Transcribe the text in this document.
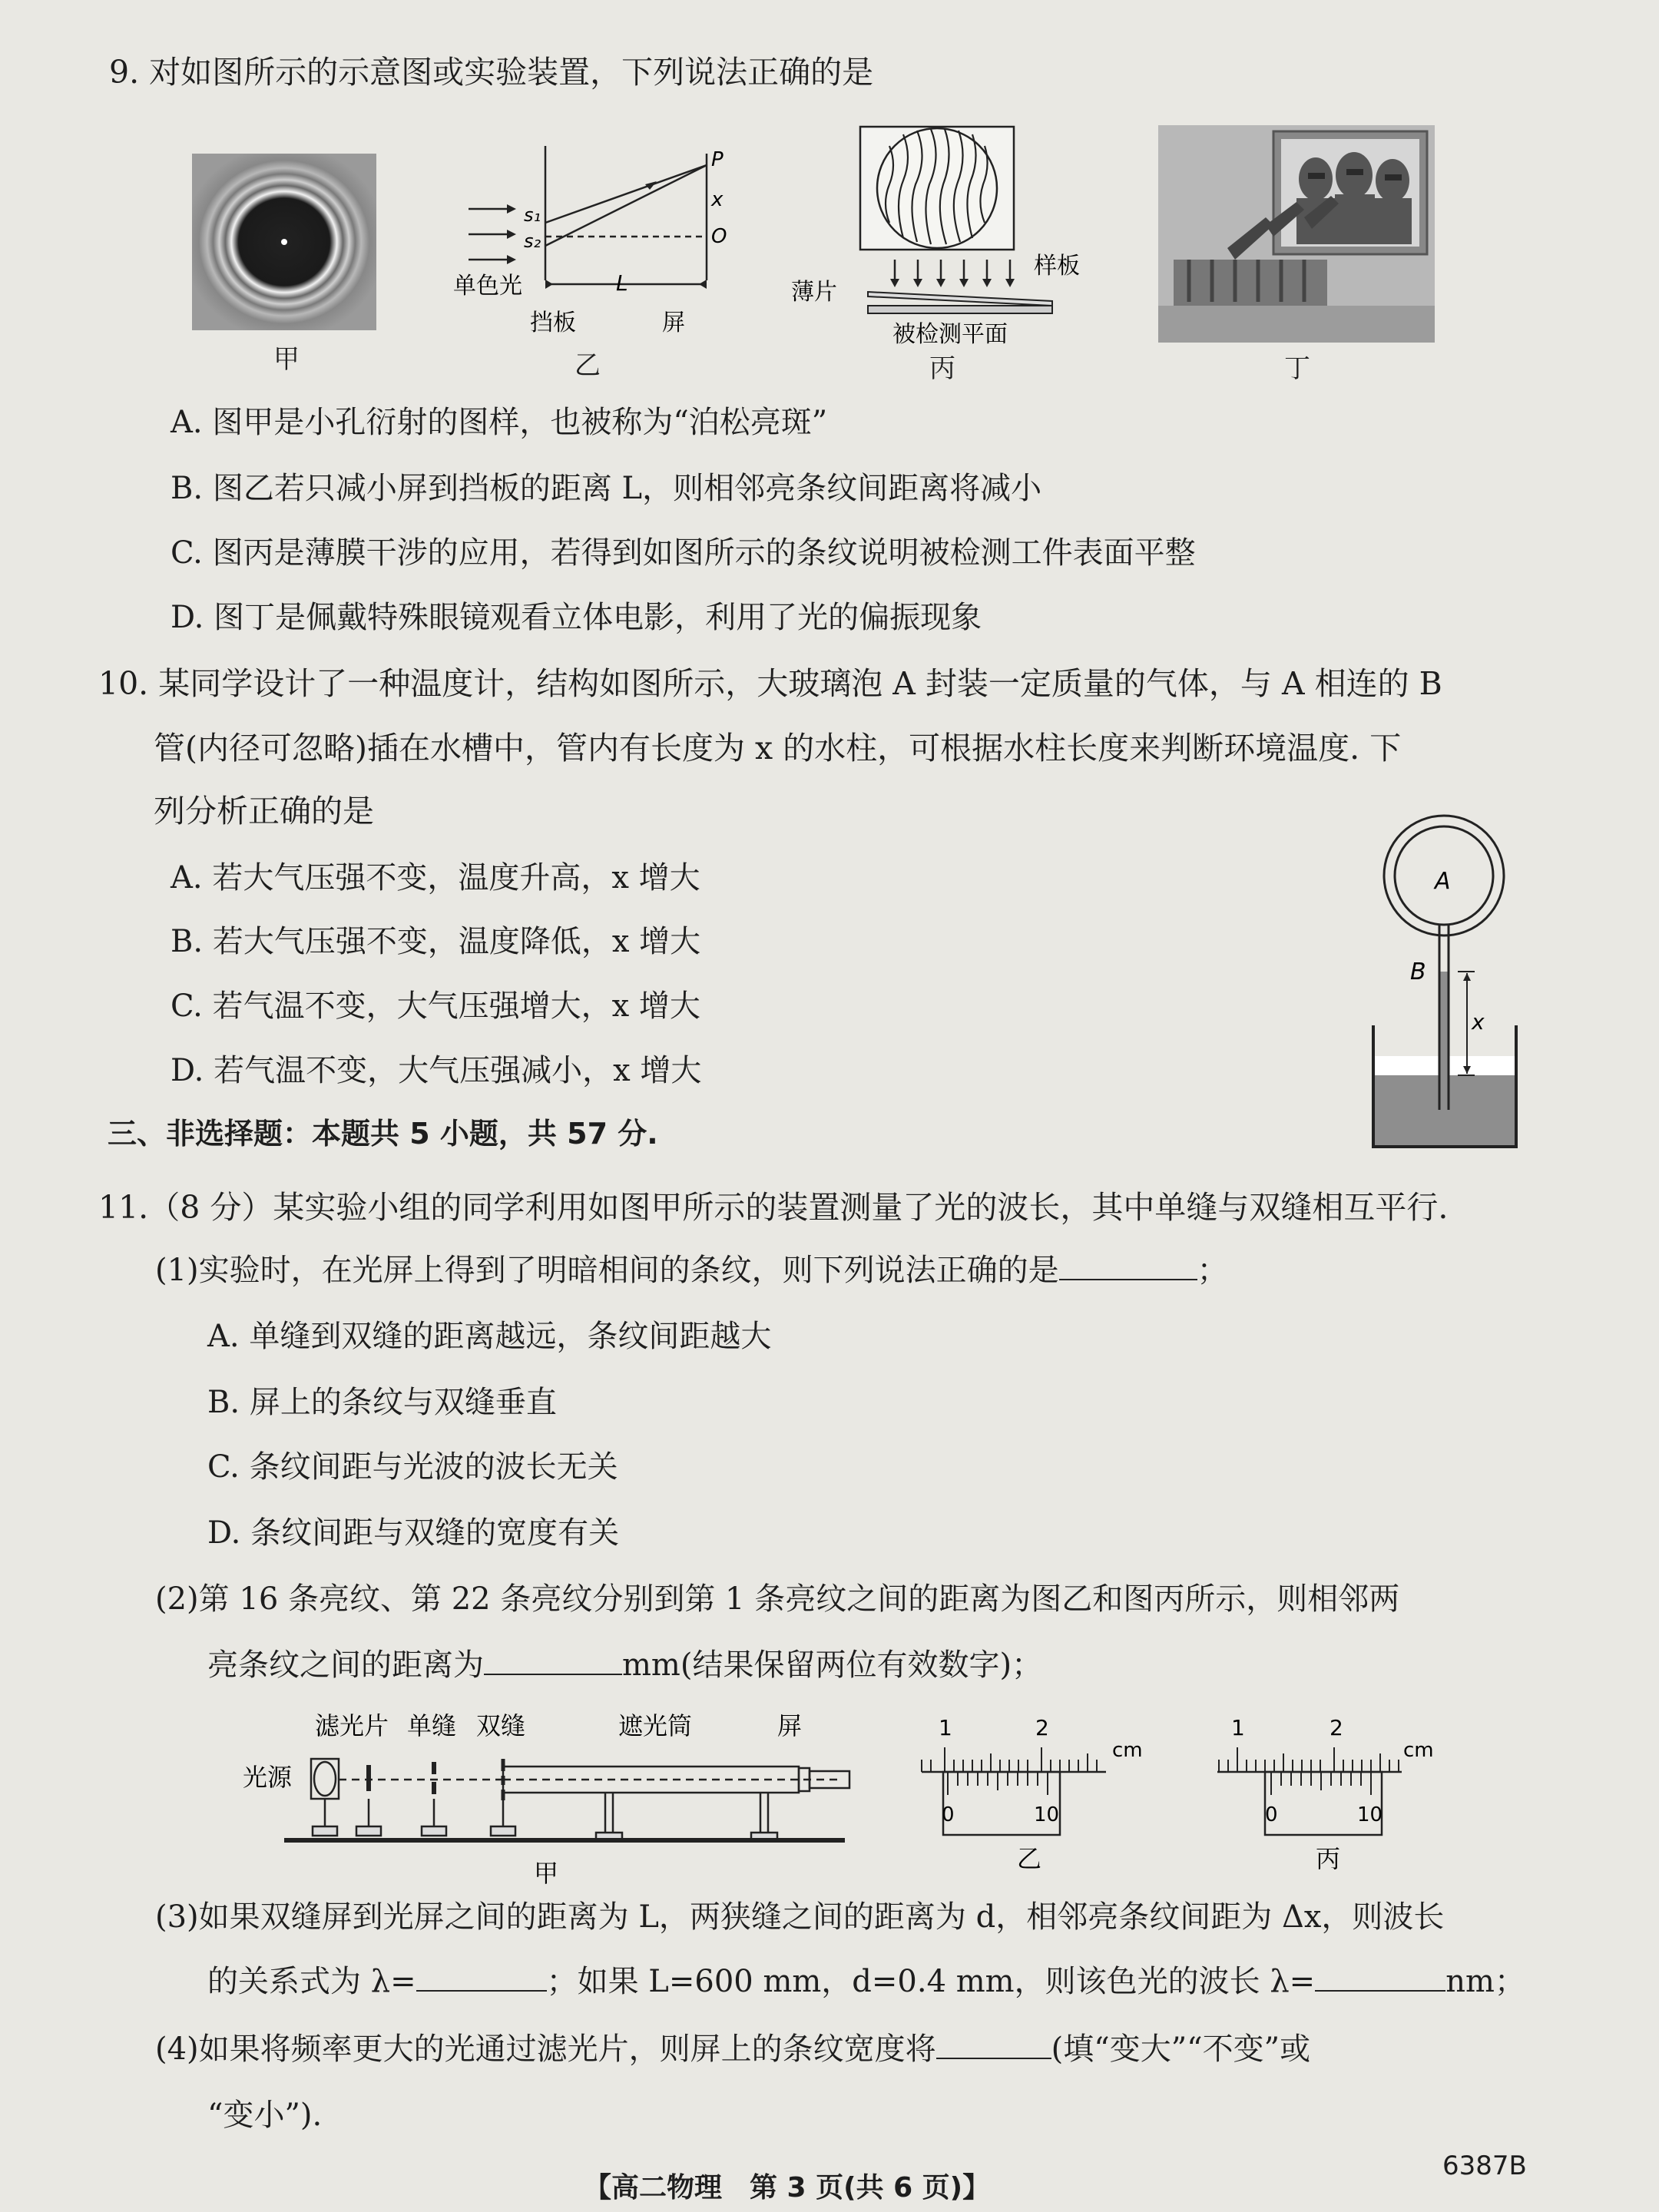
9. 对如图所示的示意图或实验装置，下列说法正确的是
甲
s₁
s₂
P
x
O
L
单色光
挡板	屏
乙
薄片
样板
被检测平面
丙	丁
A. 图甲是小孔衍射的图样，也被称为“泊松亮斑”
B. 图乙若只减小屏到挡板的距离 L，则相邻亮条纹间距离将减小
C. 图丙是薄膜干涉的应用，若得到如图所示的条纹说明被检测工件表面平整
D. 图丁是佩戴特殊眼镜观看立体电影，利用了光的偏振现象
10. 某同学设计了一种温度计，结构如图所示，大玻璃泡 A 封装一定质量的气体，与 A 相连的 B
管(内径可忽略)插在水槽中，管内有长度为 x 的水柱，可根据水柱长度来判断环境温度. 下
列分析正确的是
A. 若大气压强不变，温度升高，x 增大
B. 若大气压强不变，温度降低，x 增大
C. 若气温不变，大气压强增大，x 增大
D. 若气温不变，大气压强减小，x 增大
A
B
x
三、非选择题：本题共 5 小题，共 57 分.
11.（8 分）某实验小组的同学利用如图甲所示的装置测量了光的波长，其中单缝与双缝相互平行.
(1)实验时，在光屏上得到了明暗相间的条纹，则下列说法正确的是	；
A. 单缝到双缝的距离越远，条纹间距越大
B. 屏上的条纹与双缝垂直
C. 条纹间距与光波的波长无关
D. 条纹间距与双缝的宽度有关
(2)第 16 条亮纹、第 22 条亮纹分别到第 1 条亮纹之间的距离为图乙和图丙所示，则相邻两
亮条纹之间的距离为	mm(结果保留两位有效数字)；
滤光片 单缝 双缝	遮光筒	屏
光源
甲
1	2
cm
0	10
乙
1	2
cm
0	10
丙
(3)如果双缝屏到光屏之间的距离为 L，两狭缝之间的距离为 d，相邻亮条纹间距为 Δx，则波长
的关系式为 λ=	；如果 L=600 mm，d=0.4 mm，则该色光的波长 λ=	nm；
(4)如果将频率更大的光通过滤光片，则屏上的条纹宽度将	(填“变大”“不变”或
“变小”).
【高二物理　第 3 页(共 6 页)】
6387B
